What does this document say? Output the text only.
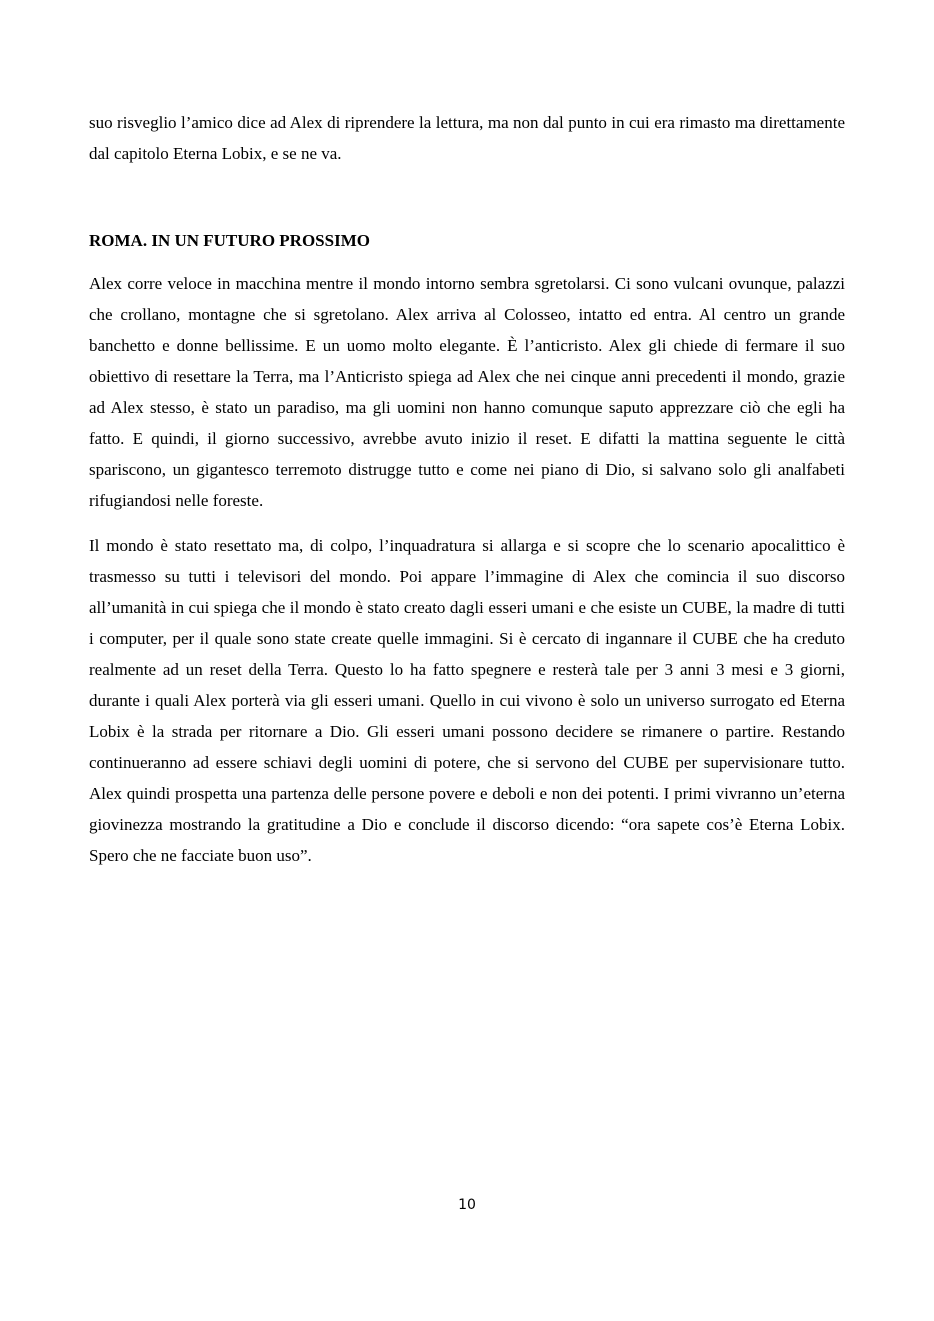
suo risveglio l’amico dice ad Alex di riprendere la lettura, ma non dal punto in cui era rimasto ma direttamente dal capitolo Eterna Lobix, e se ne va.

ROMA. IN UN FUTURO PROSSIMO

Alex corre veloce in macchina mentre il mondo intorno sembra sgretolarsi. Ci sono vulcani ovunque, palazzi che crollano, montagne che si sgretolano. Alex arriva al Colosseo, intatto ed entra. Al centro un grande banchetto e donne bellissime. E un uomo molto elegante. È l’anticristo. Alex gli chiede di fermare il suo obiettivo di resettare la Terra, ma l’Anticristo spiega ad Alex che nei cinque anni precedenti il mondo, grazie ad Alex stesso, è stato un paradiso, ma gli uomini non hanno comunque saputo apprezzare ciò che egli ha fatto. E quindi, il giorno successivo, avrebbe avuto inizio il reset. E difatti la mattina seguente le città spariscono, un gigantesco terremoto distrugge tutto e come nei piano di Dio, si salvano solo gli analfabeti rifugiandosi nelle foreste.

Il mondo è stato resettato ma, di colpo, l’inquadratura si allarga e si scopre che lo scenario apocalittico è trasmesso su tutti i televisori del mondo. Poi appare l’immagine di Alex che comincia il suo discorso all’umanità in cui spiega che il mondo è stato creato dagli esseri umani e che esiste un CUBE, la madre di tutti i computer, per il quale sono state create quelle immagini. Si è cercato di ingannare il CUBE che ha creduto realmente ad un reset della Terra. Questo lo ha fatto spegnere e resterà tale per 3 anni 3 mesi e 3 giorni, durante i quali Alex porterà via gli esseri umani. Quello in cui vivono è solo un universo surrogato ed Eterna Lobix è la strada per ritornare a Dio. Gli esseri umani possono decidere se rimanere o partire. Restando continueranno ad essere schiavi degli uomini di potere, che si servono del CUBE per supervisionare tutto. Alex quindi prospetta una partenza delle persone povere e deboli e non dei potenti. I primi vivranno un’eterna giovinezza mostrando la gratitudine a Dio e conclude il discorso dicendo: “ora sapete cos’è Eterna Lobix. Spero che ne facciate buon uso”.

10
